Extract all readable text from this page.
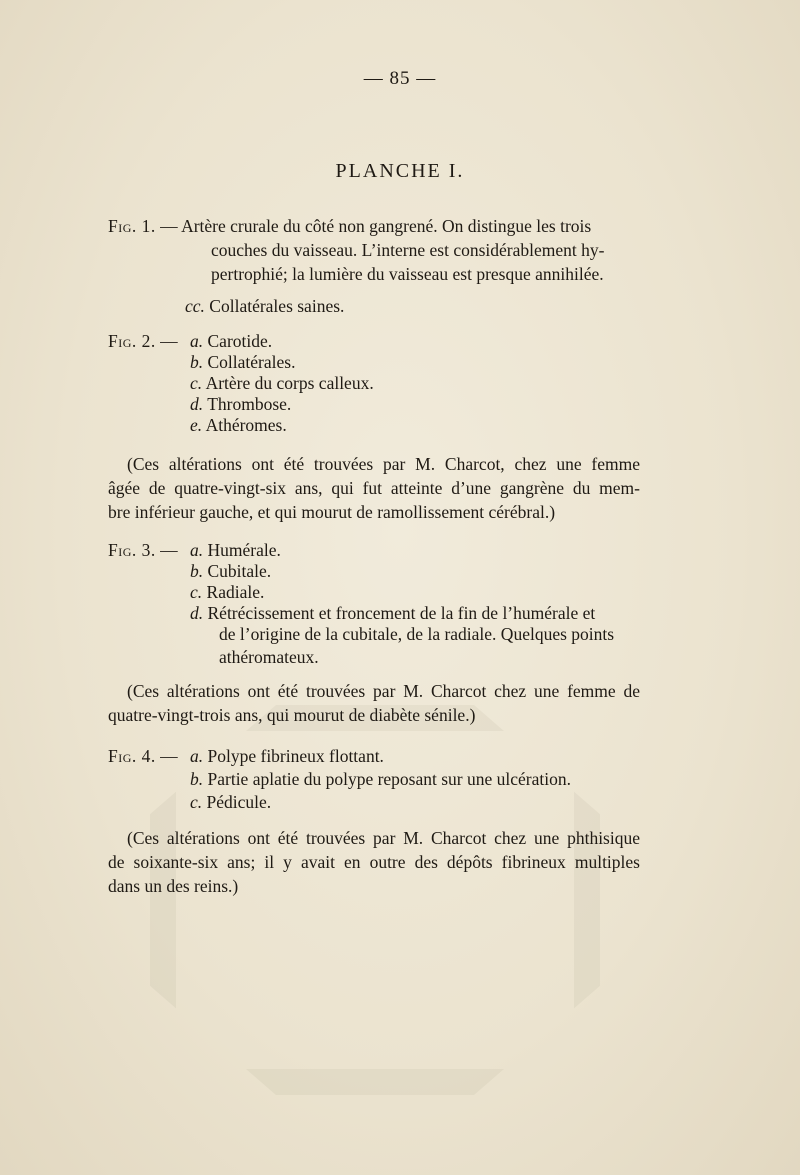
— 85 —
PLANCHE I.
Fig. 1. — Artère crurale du côté non gangrené. On distingue les trois
couches du vaisseau. L’interne est considérablement hy-
pertrophié; la lumière du vaisseau est presque annihilée.
cc. Collatérales saines.
Fig. 2. — a. Carotide.
b. Collatérales.
c. Artère du corps calleux.
d. Thrombose.
e. Athéromes.
(Ces altérations ont été trouvées par M. Charcot, chez une femme
âgée de quatre-vingt-six ans, qui fut atteinte d’une gangrène du mem-
bre inférieur gauche, et qui mourut de ramollissement cérébral.)
Fig. 3. — a. Humérale.
b. Cubitale.
c. Radiale.
d. Rétrécissement et froncement de la fin de l’humérale et
de l’origine de la cubitale, de la radiale. Quelques points
athéromateux.
(Ces altérations ont été trouvées par M. Charcot chez une femme de
quatre-vingt-trois ans, qui mourut de diabète sénile.)
Fig. 4. — a. Polype fibrineux flottant.
b. Partie aplatie du polype reposant sur une ulcération.
c. Pédicule.
(Ces altérations ont été trouvées par M. Charcot chez une phthisique
de soixante-six ans; il y avait en outre des dépôts fibrineux multiples
dans un des reins.)
